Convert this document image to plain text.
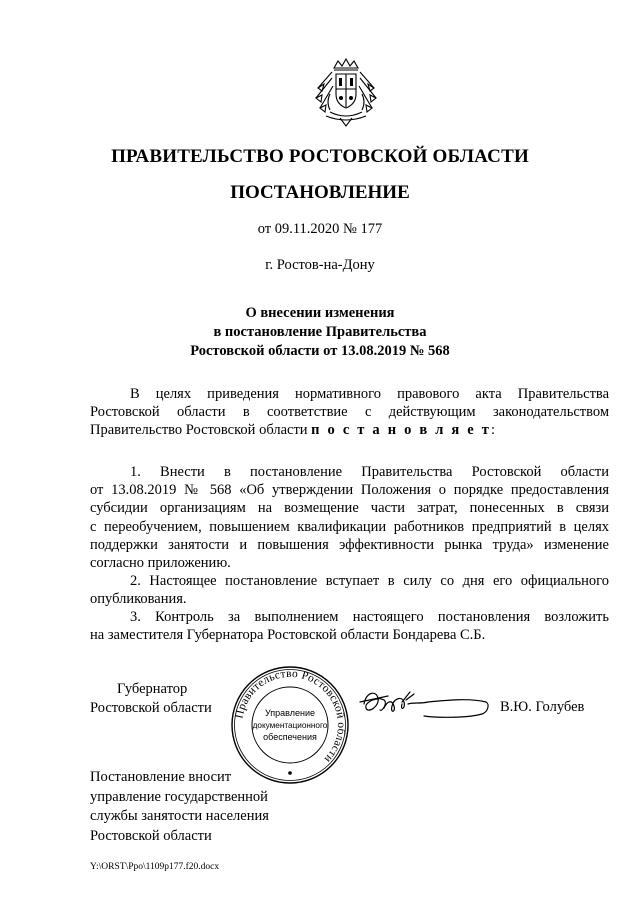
ПРАВИТЕЛЬСТВО РОСТОВСКОЙ ОБЛАСТИ
ПОСТАНОВЛЕНИЕ
от 09.11.2020 № 177
г. Ростов-на-Дону
О внесении изменения
в постановление Правительства
Ростовской области от 13.08.2019 № 568
В целях приведения нормативного правового акта Правительства
Ростовской области в соответствие с действующим законодательством
Правительство Ростовской области п о с т а н о в л я е т:
1. Внести в постановление Правительства Ростовской области
от 13.08.2019 № 568 «Об утверждении Положения о порядке предоставления
субсидии организациям на возмещение части затрат, понесенных в связи
с переобучением, повышением квалификации работников предприятий в целях
поддержки занятости и повышения эффективности рынка труда» изменение
согласно приложению.
2. Настоящее постановление вступает в силу со дня его официального
опубликования.
3. Контроль за выполнением настоящего постановления возложить
на заместителя Губернатора Ростовской области Бондарева С.Б.
Губернатор
Ростовской области Правительство Ростовской области
Управление
документационного
обеспечения
В.Ю. Голубев
Постановление вносит
управление государственной
службы занятости населения
Ростовской области
Y:\ORST\Ppo\1109p177.f20.docx
